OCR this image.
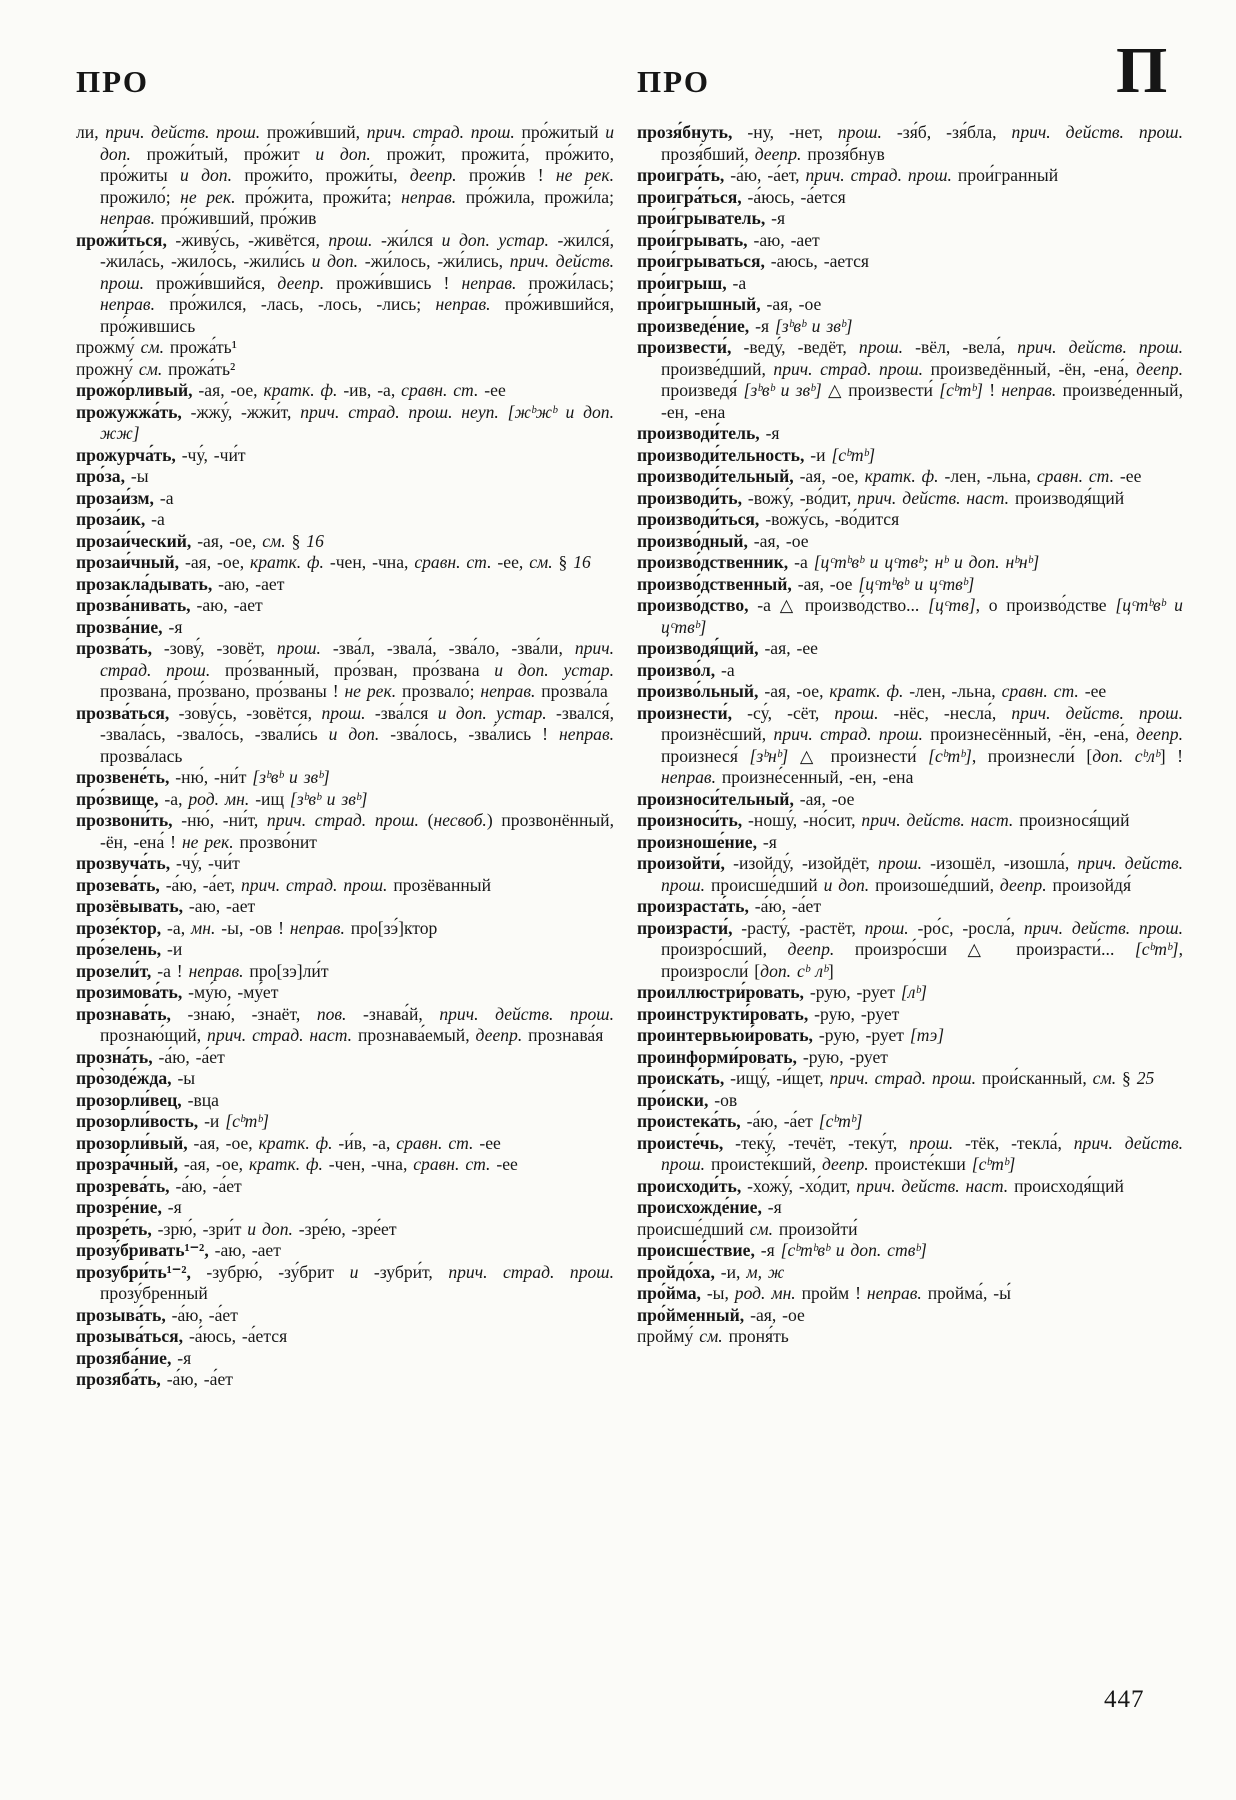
ПРО	ПРО	П

ли, прич. действ. прош. прожи́вший, прич. страд. прош. про́житый и доп. прожи́тый, про́жит и доп. прожи́т, прожита́, про́жито, про́житы и доп. прожи́то, прожи́ты, деепр. прожи́в ! не рек. прожило́; не рек. про́жита, прожи́та; неправ. про́жила, прожи́ла; неправ. про́живший, про́жив

прожи́ться, -живу́сь, -живётся, прош. -жи́лся и доп. устар. -жился́, -жила́сь, -жило́сь, -жили́сь и доп. -жи́лось, -жи́лись, прич. действ. прош. прожи́вшийся, деепр. прожи́вшись ! неправ. прожи́лась; неправ. про́жился, -лась, -лось, -лись; неправ. про́жившийся, про́жившись

прожму́ см. прожа́ть¹

прожну́ см. прожа́ть²

прожо́рливый, -ая, -ое, кратк. ф. -ив, -а, сравн. ст. -ее

прожужжа́ть, -жжу́, -жжи́т, прич. страд. прош. неуп. [жᵇжᵇ и доп. жж]

прожурча́ть, -чу́, -чи́т

про́за, -ы

прозаи́зм, -а

проза́ик, -а

прозаи́ческий, -ая, -ое, см. § 16

прозаи́чный, -ая, -ое, кратк. ф. -чен, -чна, сравн. ст. -ее, см. § 16

прозакла́дывать, -аю, -ает

прозва́нивать, -аю, -ает

прозва́ние, -я

прозва́ть, -зову́, -зовёт, прош. -зва́л, -звала́, -зва́ло, -зва́ли, прич. страд. прош. про́званный, про́зван, про́звана и доп. устар. прозвана́, про́звано, про́званы ! не рек. прозвало́; неправ. прозва́ла

прозва́ться, -зову́сь, -зовётся, прош. -зва́лся и доп. устар. -звался́, -звала́сь, -звало́сь, -звали́сь и доп. -зва́лось, -зва́лись ! неправ. прозва́лась

прозвене́ть, -ню́, -ни́т [зᵇвᵇ и звᵇ]

про́звище, -а, род. мн. -ищ [зᵇвᵇ и звᵇ]

прозвони́ть, -ню́, -ни́т, прич. страд. прош. (несвоб.) прозвонённый, -ён, -ена́ ! не рек. прозво́нит

прозвуча́ть, -чу́, -чи́т

прозева́ть, -а́ю, -а́ет, прич. страд. прош. прозёванный

прозёвывать, -аю, -ает

прозе́ктор, -а, мн. -ы, -ов ! неправ. про[зэ́]ктор

про́зелень, -и

прозели́т, -а ! неправ. про[зэ]ли́т

прозимова́ть, -му́ю, -му́ет

прознава́ть, -знаю́, -знаёт, пов. -знава́й, прич. действ. прош. прознаю́щий, прич. страд. наст. прознава́емый, деепр. прознава́я

прозна́ть, -а́ю, -а́ет

про̀зоде́жда, -ы

прозорли́вец, -вца

прозорли́вость, -и [сᵇтᵇ]

прозорли́вый, -ая, -ое, кратк. ф. -и́в, -а, сравн. ст. -ее

прозра́чный, -ая, -ое, кратк. ф. -чен, -чна, сравн. ст. -ее

прозрева́ть, -а́ю, -а́ет

прозре́ние, -я

прозре́ть, -зрю́, -зри́т и доп. -зре́ю, -зре́ет

прозу́бривать¹⁻², -аю, -ает

прозубри́ть¹⁻², -зубрю́, -зу́брит и -зубри́т, прич. страд. прош. прозу́бренный

прозыва́ть, -а́ю, -а́ет

прозыва́ться, -а́юсь, -а́ется

прозяба́ние, -я

прозяба́ть, -а́ю, -а́ет

прозя́бнуть, -ну, -нет, прош. -зя́б, -зя́бла, прич. действ. прош. прозя́бший, деепр. прозя́бнув

проигра́ть, -а́ю, -а́ет, прич. страд. прош. прои́гранный

проигра́ться, -а́юсь, -а́ется

прои́грыватель, -я

прои́грывать, -аю, -ает

прои́грываться, -аюсь, -ается

про́игрыш, -а

про́игрышный, -ая, -ое

произведе́ние, -я [зᵇвᵇ и звᵇ]

произвести́, -веду́, -ведёт, прош. -вёл, -вела́, прич. действ. прош. произве́дший, прич. страд. прош. произведённый, -ён, -ена́, деепр. произведя́ [зᵇвᵇ и звᵇ] △ произвести́ [сᵇтᵇ] ! неправ. произве́денный, -ен, -ена

производи́тель, -я

производи́тельность, -и [сᵇтᵇ]

производи́тельный, -ая, -ое, кратк. ф. -лен, -льна, сравн. ст. -ее

производи́ть, -вожу́, -во́дит, прич. действ. наст. производя́щий

производи́ться, -вожу́сь, -во́дится

произво́дный, -ая, -ое

произво́дственник, -а [цᶜтᵇвᵇ и цᶜтвᵇ; нᵇ и доп. нᵇнᵇ]

произво́дственный, -ая, -ое [цᶜтᵇвᵇ и цᶜтвᵇ]

произво́дство, -а △ произво́дство... [цᶜтв], о произво́дстве [цᶜтᵇвᵇ и цᶜтвᵇ]

производя́щий, -ая, -ее

произво́л, -а

произво́льный, -ая, -ое, кратк. ф. -лен, -льна, сравн. ст. -ее

произнести́, -су́, -сёт, прош. -нёс, -несла́, прич. действ. прош. произнёсший, прич. страд. прош. произнесённый, -ён, -ена́, деепр. произнеся́ [зᵇнᵇ] △ произнести́ [сᵇтᵇ], произнесли́ [доп. сᵇлᵇ] ! неправ. произне́сенный, -ен, -ена

произноси́тельный, -ая, -ое

произноси́ть, -ношу́, -но́сит, прич. действ. наст. произнося́щий

произноше́ние, -я

произойти́, -изойду́, -изойдёт, прош. -изошёл, -изошла́, прич. действ. прош. происше́дший и доп. произоше́дший, деепр. произойдя́

произраста́ть, -а́ю, -а́ет

произрасти́, -расту́, -растёт, прош. -ро́с, -росла́, прич. действ. прош. произро́сший, деепр. произро́сши △ произрасти́... [сᵇтᵇ], произросли́ [доп. сᵇ лᵇ]

проиллюстри́ровать, -рую, -рует [лᵇ]

проинструкти́ровать, -рую, -рует

проинтервьюи́ровать, -рую, -рует [тэ]

проинформи́ровать, -рую, -рует

происка́ть, -ищу́, -и́щет, прич. страд. прош. прои́сканный, см. § 25

про́иски, -ов

проистека́ть, -а́ю, -а́ет [сᵇтᵇ]

происте́чь, -теку́, -течёт, -теку́т, прош. -тёк, -текла́, прич. действ. прош. происте́кший, деепр. происте́кши [сᵇтᵇ]

происходи́ть, -хожу́, -хо́дит, прич. действ. наст. происходя́щий

происхожде́ние, -я

происше́дший см. произойти́

происше́ствие, -я [сᵇтᵇвᵇ и доп. ствᵇ]

пройдо́ха, -и, м, ж

про́йма, -ы, род. мн. пройм ! неправ. пройма́, -ы́

про́йменный, -ая, -ое

пройму́ см. проня́ть

447
